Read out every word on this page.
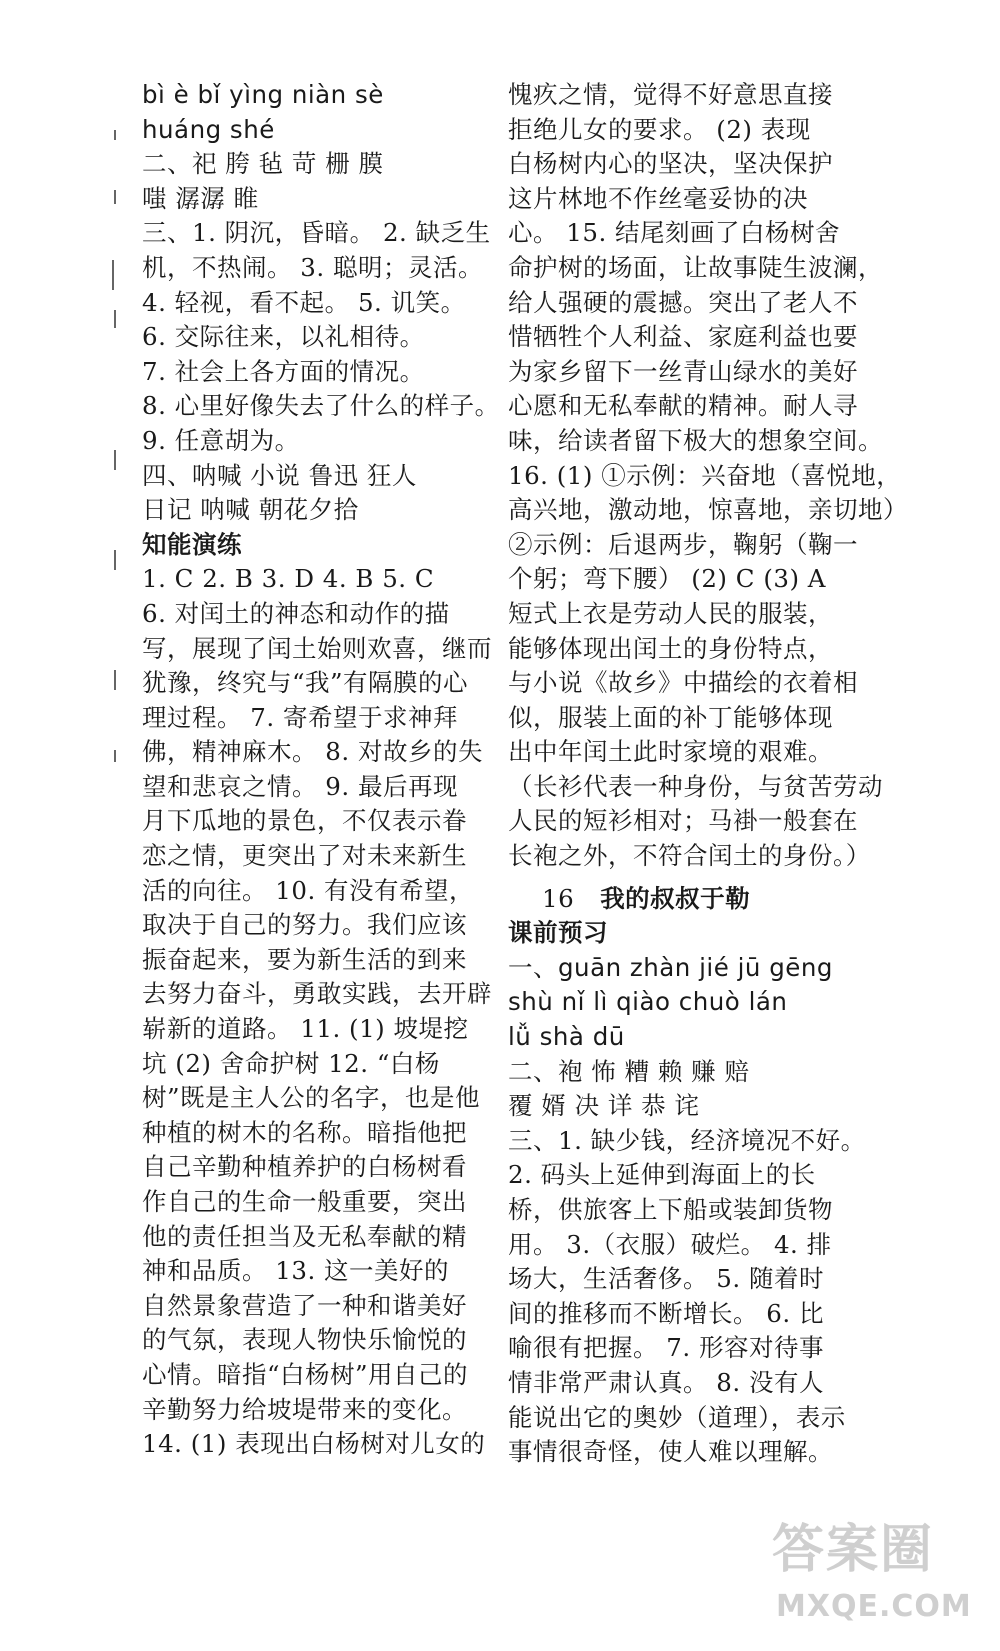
bì è bǐ yìng niàn sè

huáng shé

二、祀 胯 毡 苛 栅 膜

嗤 潺潺 睢

三、1. 阴沉，昏暗。 2. 缺乏生

机，不热闹。 3. 聪明；灵活。

4. 轻视，看不起。 5. 讥笑。

6. 交际往来，以礼相待。

7. 社会上各方面的情况。

8. 心里好像失去了什么的样子。

9. 任意胡为。

四、呐喊 小说 鲁迅 狂人

日记 呐喊 朝花夕拾

知能演练

1. C 2. B 3. D 4. B 5. C

6. 对闰土的神态和动作的描

写，展现了闰土始则欢喜，继而

犹豫，终究与“我”有隔膜的心

理过程。 7. 寄希望于求神拜

佛，精神麻木。 8. 对故乡的失

望和悲哀之情。 9. 最后再现

月下瓜地的景色，不仅表示眷

恋之情，更突出了对未来新生

活的向往。 10. 有没有希望，

取决于自己的努力。我们应该

振奋起来，要为新生活的到来

去努力奋斗，勇敢实践，去开辟

崭新的道路。 11. (1) 坡堤挖

坑 (2) 舍命护树 12. “白杨

树”既是主人公的名字，也是他

种植的树木的名称。暗指他把

自己辛勤种植养护的白杨树看

作自己的生命一般重要，突出

他的责任担当及无私奉献的精

神和品质。 13. 这一美好的

自然景象营造了一种和谐美好

的气氛，表现人物快乐愉悦的

心情。暗指“白杨树”用自己的

辛勤努力给坡堤带来的变化。

14. (1) 表现出白杨树对儿女的

愧疚之情，觉得不好意思直接

拒绝儿女的要求。 (2) 表现

白杨树内心的坚决，坚决保护

这片林地不作丝毫妥协的决

心。 15. 结尾刻画了白杨树舍

命护树的场面，让故事陡生波澜，

给人强硬的震撼。突出了老人不

惜牺牲个人利益、家庭利益也要

为家乡留下一丝青山绿水的美好

心愿和无私奉献的精神。耐人寻

味，给读者留下极大的想象空间。

16. (1) ①示例：兴奋地（喜悦地，

高兴地，激动地，惊喜地，亲切地）

②示例：后退两步，鞠躬（鞠一

个躬；弯下腰） (2) C (3) A

短式上衣是劳动人民的服装，

能够体现出闰土的身份特点，

与小说《故乡》中描绘的衣着相

似，服装上面的补丁能够体现

出中年闰土此时家境的艰难。

（长衫代表一种身份，与贫苦劳动

人民的短衫相对；马褂一般套在

长袍之外，不符合闰土的身份。）

16 我的叔叔于勒

课前预习

一、guān zhàn jié jū gēng

shù nǐ lì qiào chuò lán

lǚ shà dū

二、袍 怖 糟 赖 赚 赔

覆 婿 决 详 恭 诧

三、1. 缺少钱，经济境况不好。

2. 码头上延伸到海面上的长

桥，供旅客上下船或装卸货物

用。 3.（衣服）破烂。 4. 排

场大，生活奢侈。 5. 随着时

间的推移而不断增长。 6. 比

喻很有把握。 7. 形容对待事

情非常严肃认真。 8. 没有人

能说出它的奥妙（道理），表示

事情很奇怪，使人难以理解。

答案圈
MXQE.COM
